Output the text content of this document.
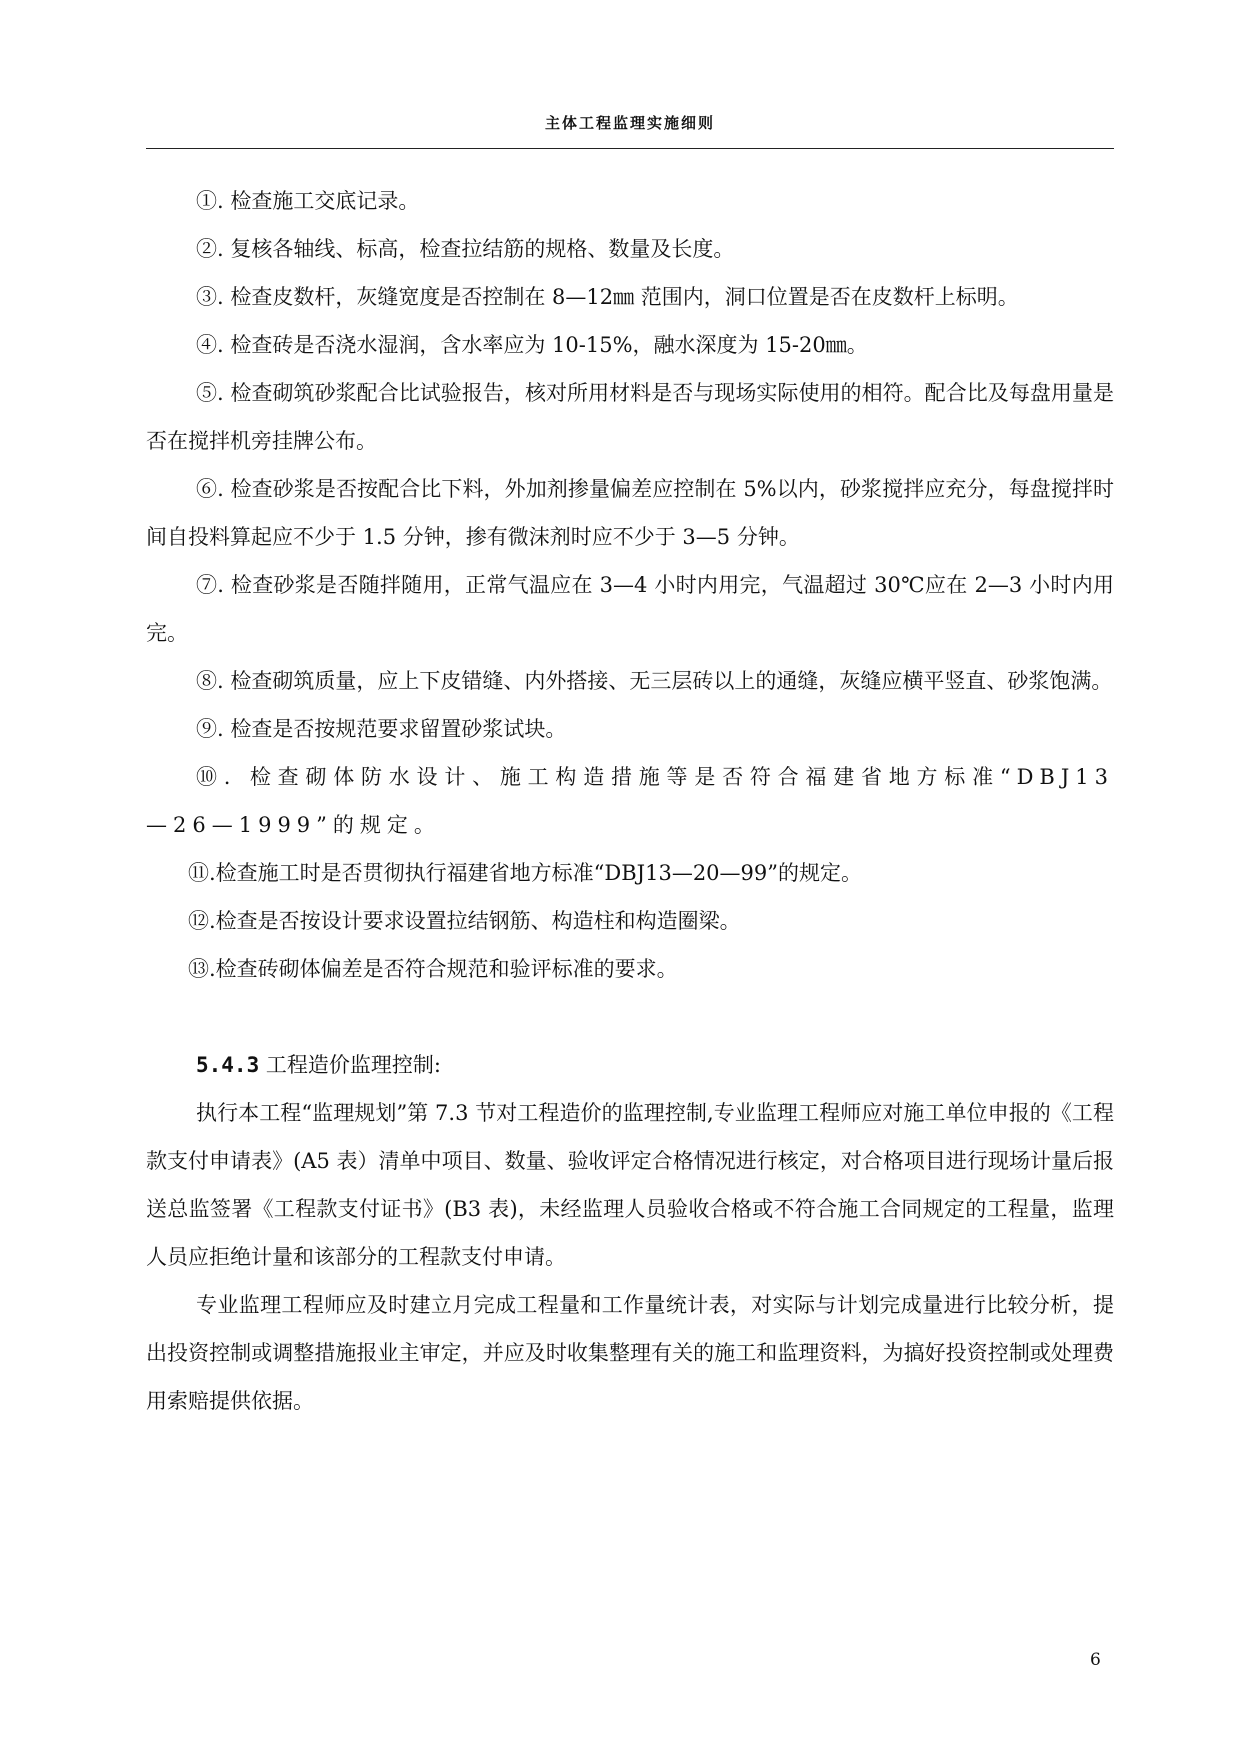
主体工程监理实施细则

①. 检查施工交底记录。

②. 复核各轴线、标高，检查拉结筋的规格、数量及长度。

③. 检查皮数杆，灰缝宽度是否控制在 8—12㎜ 范围内，洞口位置是否在皮数杆上标明。

④. 检查砖是否浇水湿润，含水率应为 10-15%，融水深度为 15-20㎜。

⑤. 检查砌筑砂浆配合比试验报告，核对所用材料是否与现场实际使用的相符。配合比及每盘用量是否在搅拌机旁挂牌公布。

⑥. 检查砂浆是否按配合比下料，外加剂掺量偏差应控制在 5%以内，砂浆搅拌应充分，每盘搅拌时间自投料算起应不少于 1.5 分钟，掺有微沫剂时应不少于 3—5 分钟。

⑦. 检查砂浆是否随拌随用，正常气温应在 3—4 小时内用完，气温超过 30℃应在 2—3 小时内用完。

⑧. 检查砌筑质量，应上下皮错缝、内外搭接、无三层砖以上的通缝，灰缝应横平竖直、砂浆饱满。

⑨. 检查是否按规范要求留置砂浆试块。

⑩. 检查砌体防水设计、施工构造措施等是否符合福建省地方标准“DBJ13—26—1999”的规定。

⑪.检查施工时是否贯彻执行福建省地方标准“DBJ13—20—99”的规定。

⑫.检查是否按设计要求设置拉结钢筋、构造柱和构造圈梁。

⑬.检查砖砌体偏差是否符合规范和验评标准的要求。

5.4.3 工程造价监理控制:

执行本工程“监理规划”第 7.3 节对工程造价的监理控制,专业监理工程师应对施工单位申报的《工程款支付申请表》(A5 表）清单中项目、数量、验收评定合格情况进行核定，对合格项目进行现场计量后报送总监签署《工程款支付证书》(B3 表)，未经监理人员验收合格或不符合施工合同规定的工程量，监理人员应拒绝计量和该部分的工程款支付申请。

专业监理工程师应及时建立月完成工程量和工作量统计表，对实际与计划完成量进行比较分析，提出投资控制或调整措施报业主审定，并应及时收集整理有关的施工和监理资料，为搞好投资控制或处理费用索赔提供依据。

6
